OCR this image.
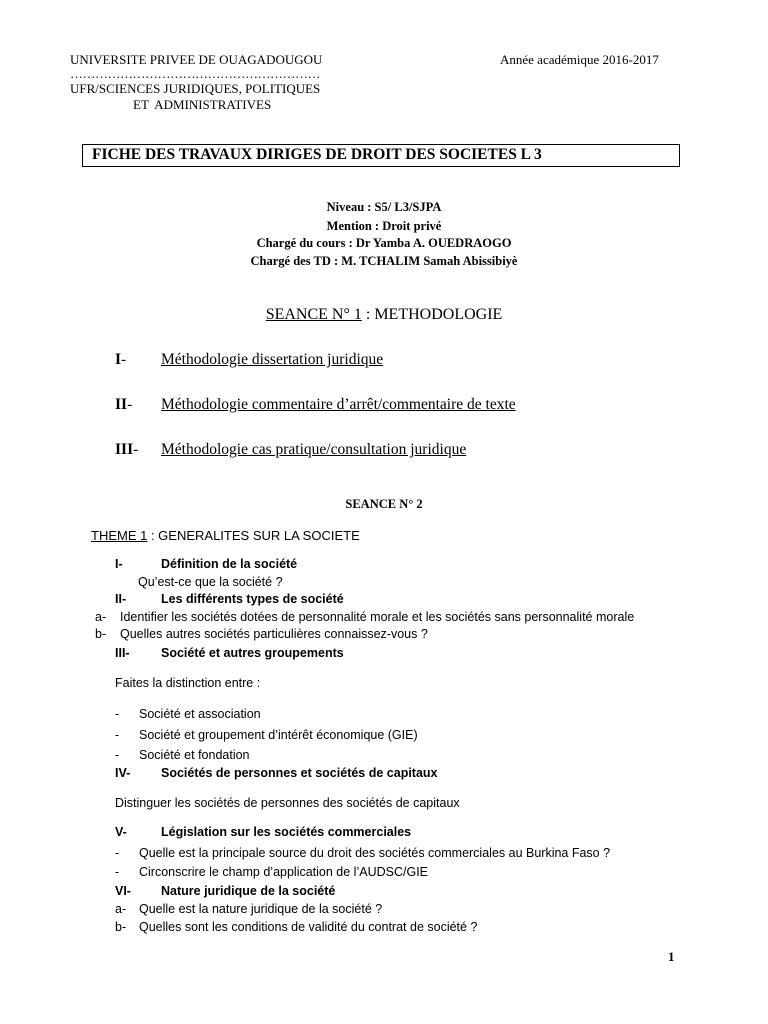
UNIVERSITE PRIVEE DE OUAGADOUGOU	Année académique 2016-2017
……………………………………………………
UFR/SCIENCES JURIDIQUES, POLITIQUES
ET ADMINISTRATIVES
FICHE DES TRAVAUX DIRIGES DE DROIT DES SOCIETES L 3
Niveau : S5/ L3/SJPA
Mention : Droit privé
Chargé du cours : Dr Yamba A. OUEDRAOGO
Chargé des TD : M. TCHALIM Samah Abissibiyè
SEANCE N° 1 : METHODOLOGIE
I- Méthodologie dissertation juridique
II- Méthodologie commentaire d’arrêt/commentaire de texte
III- Méthodologie cas pratique/consultation juridique
SEANCE N° 2
THEME 1 : GENERALITES SUR LA SOCIETE
I-	Définition de la société
Qu’est-ce que la société ?
II-	Les différents types de société
a- Identifier les sociétés dotées de personnalité morale et les sociétés sans personnalité morale
b- Quelles autres sociétés particulières connaissez-vous ?
III-	Société et autres groupements
Faites la distinction entre :
- Société et association
- Société et groupement d’intérêt économique (GIE)
- Société et fondation
IV- Sociétés de personnes et sociétés de capitaux
Distinguer les sociétés de personnes des sociétés de capitaux
V-	Législation sur les sociétés commerciales
- Quelle est la principale source du droit des sociétés commerciales au Burkina Faso ?
- Circonscrire le champ d’application de l’AUDSC/GIE
VI- Nature juridique de la société
a- Quelle est la nature juridique de la société ?
b- Quelles sont les conditions de validité du contrat de société ?
1
